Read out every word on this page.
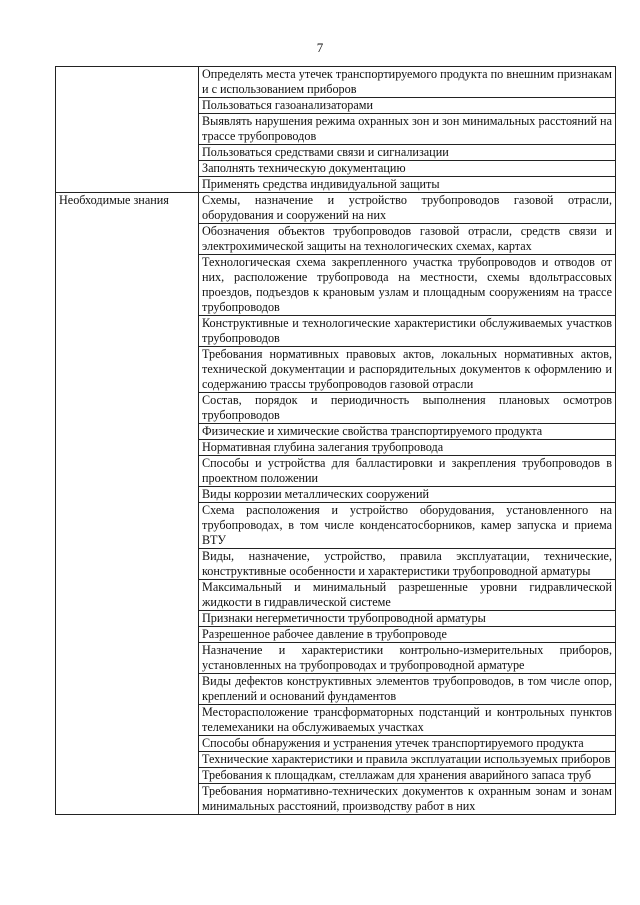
7
	Определять места утечек транспортируемого продукта по внешним признакам и с использованием приборов
	Пользоваться газоанализаторами
	Выявлять нарушения режима охранных зон и зон минимальных расстояний на трассе трубопроводов
	Пользоваться средствами связи и сигнализации
	Заполнять техническую документацию
	Применять средства индивидуальной защиты
Необходимые знания	Схемы, назначение и устройство трубопроводов газовой отрасли, оборудования и сооружений на них
	Обозначения объектов трубопроводов газовой отрасли, средств связи и электрохимической защиты на технологических схемах, картах
	Технологическая схема закрепленного участка трубопроводов и отводов от них, расположение трубопровода на местности, схемы вдольтрассовых проездов, подъездов к крановым узлам и площадным сооружениям на трассе трубопроводов
	Конструктивные и технологические характеристики обслуживаемых участков трубопроводов
	Требования нормативных правовых актов, локальных нормативных актов, технической документации и распорядительных документов к оформлению и содержанию трассы трубопроводов газовой отрасли
	Состав, порядок и периодичность выполнения плановых осмотров трубопроводов
	Физические и химические свойства транспортируемого продукта
	Нормативная глубина залегания трубопровода
	Способы и устройства для балластировки и закрепления трубопроводов в проектном положении
	Виды коррозии металлических сооружений
	Схема расположения и устройство оборудования, установленного на трубопроводах, в том числе конденсатосборников, камер запуска и приема ВТУ
	Виды, назначение, устройство, правила эксплуатации, технические, конструктивные особенности и характеристики трубопроводной арматуры
	Максимальный и минимальный разрешенные уровни гидравлической жидкости в гидравлической системе
	Признаки негерметичности трубопроводной арматуры
	Разрешенное рабочее давление в трубопроводе
	Назначение и характеристики контрольно-измерительных приборов, установленных на трубопроводах и трубопроводной арматуре
	Виды дефектов конструктивных элементов трубопроводов, в том числе опор, креплений и оснований фундаментов
	Месторасположение трансформаторных подстанций и контрольных пунктов телемеханики на обслуживаемых участках
	Способы обнаружения и устранения утечек транспортируемого продукта
	Технические характеристики и правила эксплуатации используемых приборов
	Требования к площадкам, стеллажам для хранения аварийного запаса труб
	Требования нормативно-технических документов к охранным зонам и зонам минимальных расстояний, производству работ в них
